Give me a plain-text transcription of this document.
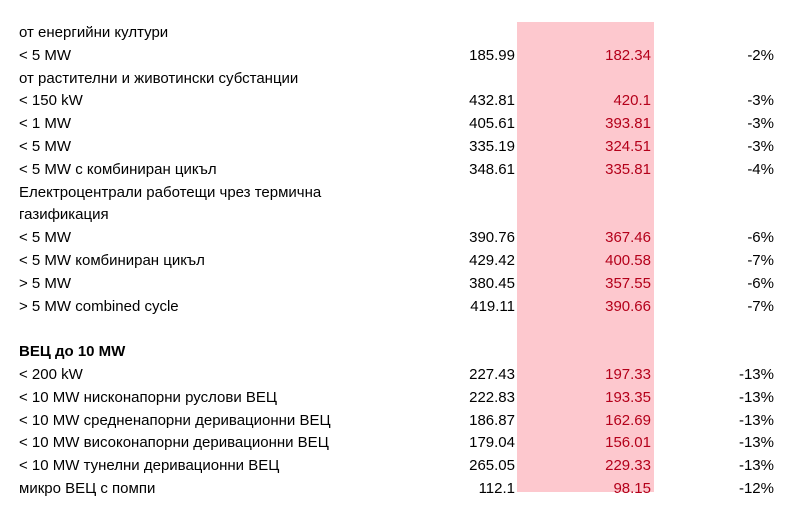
от енергийни култури
< 5 MW	185.99	182.34	-2%
от растителни и животински субстанции
< 150 kW	432.81	420.1	-3%
< 1 MW	405.61	393.81	-3%
< 5 MW	335.19	324.51	-3%
< 5 MW с комбиниран цикъл	348.61	335.81	-4%
Електроцентрали работещи чрез термична
газификация
< 5 MW	390.76	367.46	-6%
< 5 MW комбиниран цикъл	429.42	400.58	-7%
> 5 MW	380.45	357.55	-6%
> 5 MW combined cycle	419.11	390.66	-7%
ВЕЦ до 10 MW
< 200 kW	227.43	197.33	-13%
< 10 MW нисконапорни руслови ВЕЦ	222.83	193.35	-13%
< 10 MW средненапорни деривационни ВЕЦ	186.87	162.69	-13%
< 10 MW високонапорни деривационни ВЕЦ	179.04	156.01	-13%
< 10 MW тунелни деривационни ВЕЦ	265.05	229.33	-13%
микро ВЕЦ с помпи	112.1	98.15	-12%
